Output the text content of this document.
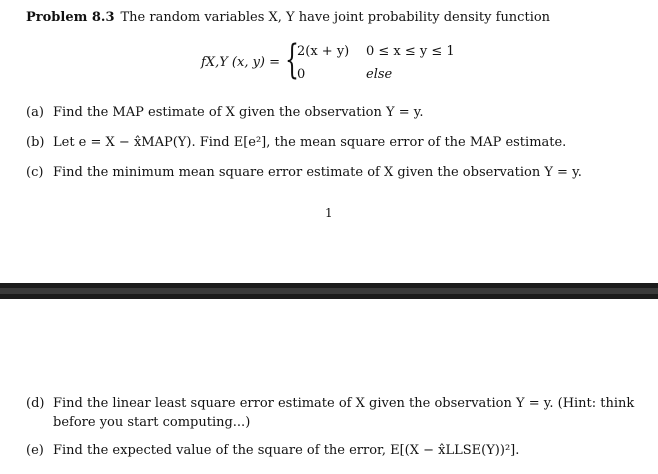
Problem 8.3 The random variables X, Y have joint probability density function
fX,Y (x, y) = {
2(x + y) 0 ≤ x ≤ y ≤ 1
0	else
(a) Find the MAP estimate of X given the observation Y = y.
(b) Let e = X − x̂MAP(Y). Find E[e²], the mean square error of the MAP estimate.
(c) Find the minimum mean square error estimate of X given the observation Y = y.
1
(d) Find the linear least square error estimate of X given the observation Y = y. (Hint: think
before you start computing...)
(e) Find the expected value of the square of the error, E[(X − x̂LLSE(Y))²].
